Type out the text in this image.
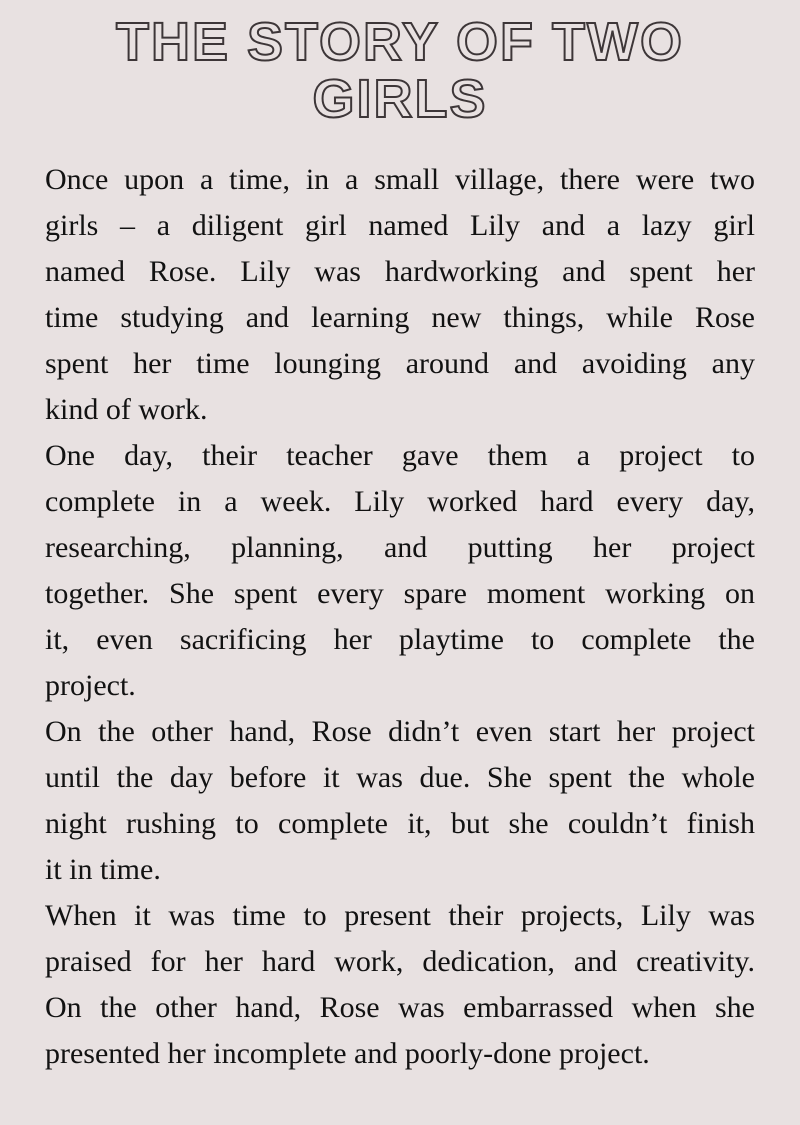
THE STORY OF TWO
GIRLS
Once upon a time, in a small village, there were two
girls – a diligent girl named Lily and a lazy girl
named Rose. Lily was hardworking and spent her
time studying and learning new things, while Rose
spent her time lounging around and avoiding any
kind of work.
One day, their teacher gave them a project to
complete in a week. Lily worked hard every day,
researching, planning, and putting her project
together. She spent every spare moment working on
it, even sacrificing her playtime to complete the
project.
On the other hand, Rose didn’t even start her project
until the day before it was due. She spent the whole
night rushing to complete it, but she couldn’t finish
it in time.
When it was time to present their projects, Lily was
praised for her hard work, dedication, and creativity.
On the other hand, Rose was embarrassed when she
presented her incomplete and poorly-done project.
